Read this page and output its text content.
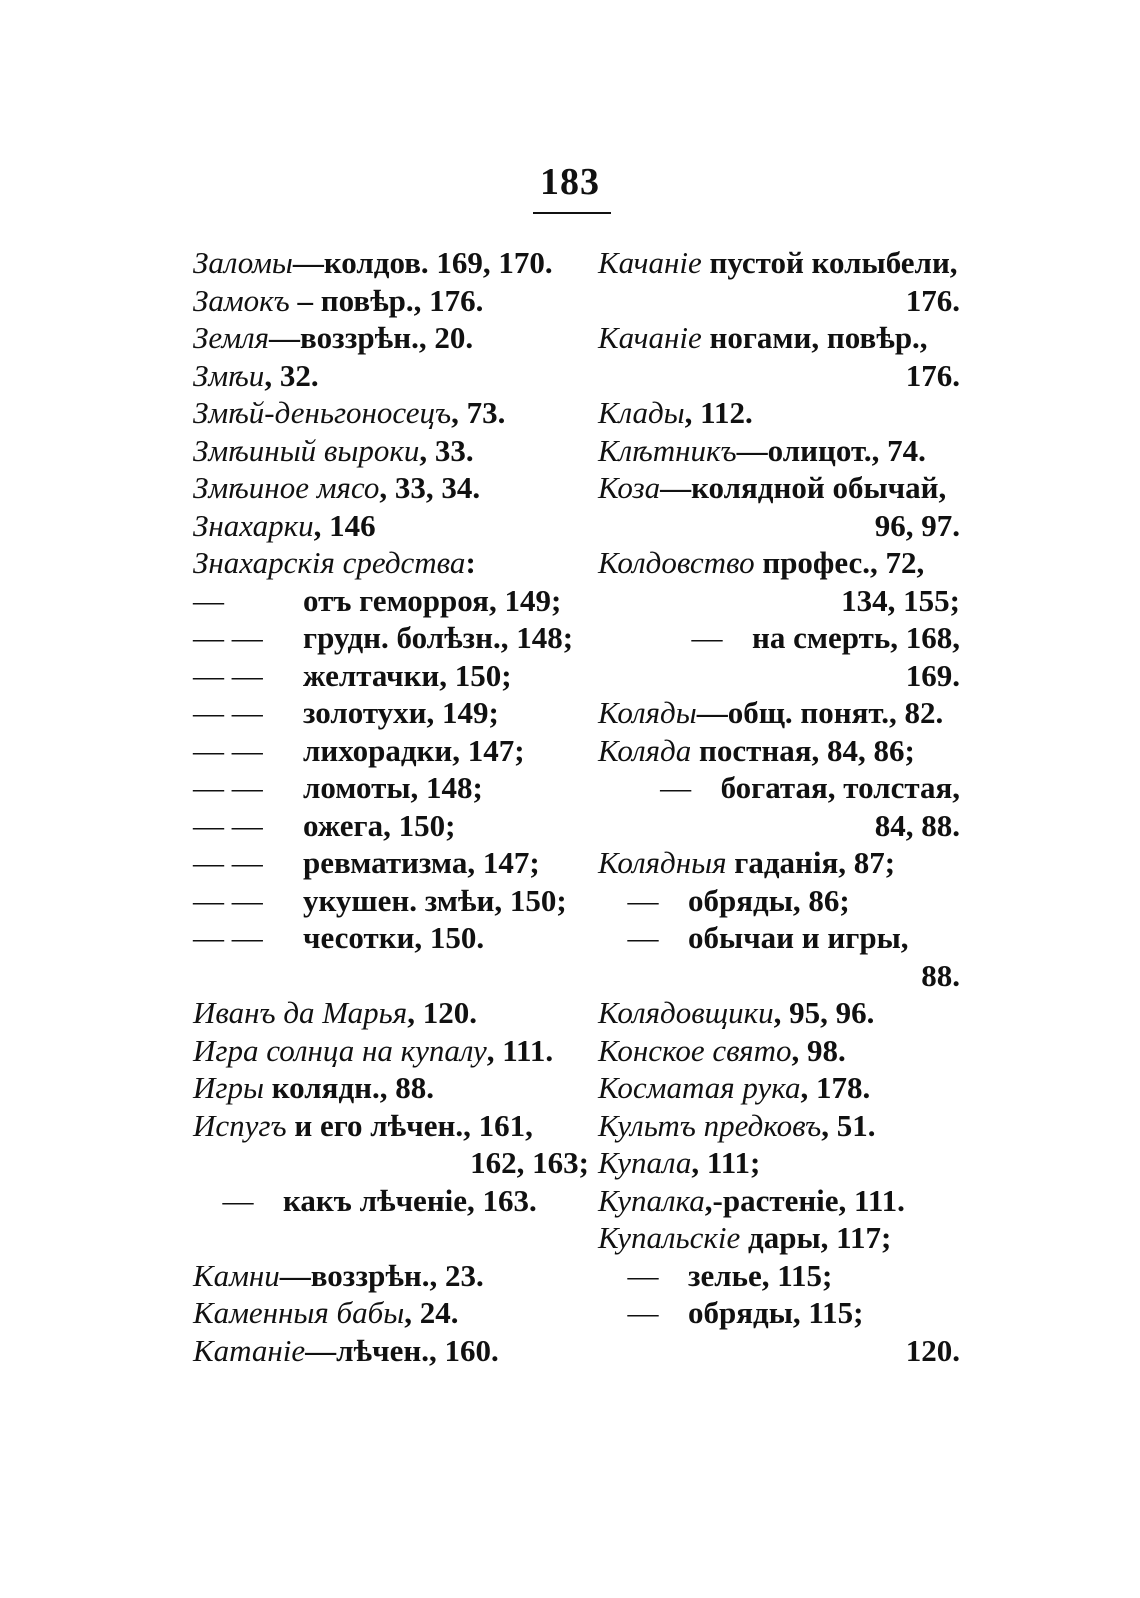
183
Заломы—колдов. 169, 170.
Замокъ – повѣр., 176.
Земля—воззрѣн., 20.
Змѣи, 32.
Змѣй-деньгоносецъ, 73.
Змѣиный выроки, 33.
Змѣиное мясо, 33, 34.
Знахарки, 146
Знахарскія средства:
—	отъ геморроя, 149;
— — грудн. болѣзн., 148;
— — желтачки, 150;
— — золотухи, 149;
— — лихорадки, 147;
— — ломоты, 148;
— — ожега, 150;
— — ревматизма, 147;
— — укушен. змѣи, 150;
— — чесотки, 150.
Иванъ да Марья, 120.
Игра солнца на купалу, 111.
Игры колядн., 88.
Испугъ и его лѣчен., 161,
162, 163;
— какъ лѣченіе, 163.
Камни—воззрѣн., 23.
Каменныя бабы, 24.
Катаніе—лѣчен., 160.
Качаніе пустой колыбели,
176.
Качаніе ногами, повѣр.,
176.
Клады, 112.
Клѣтникъ—олицот., 74.
Коза—колядной обычай,
96, 97.
Колдовство профес., 72,
134, 155;
— на смерть, 168,
169.
Коляды—общ. понят., 82.
Коляда постная, 84, 86;
— богатая, толстая,
84, 88.
Колядныя гаданія, 87;
— обряды, 86;
— обычаи и игры,
88.
Колядовщики, 95, 96.
Конское свято, 98.
Косматая рука, 178.
Культъ предковъ, 51.
Купала, 111;
Купалка,-растеніе, 111.
Купальскіе дары, 117;
— зелье, 115;
— обряды, 115;
120.
